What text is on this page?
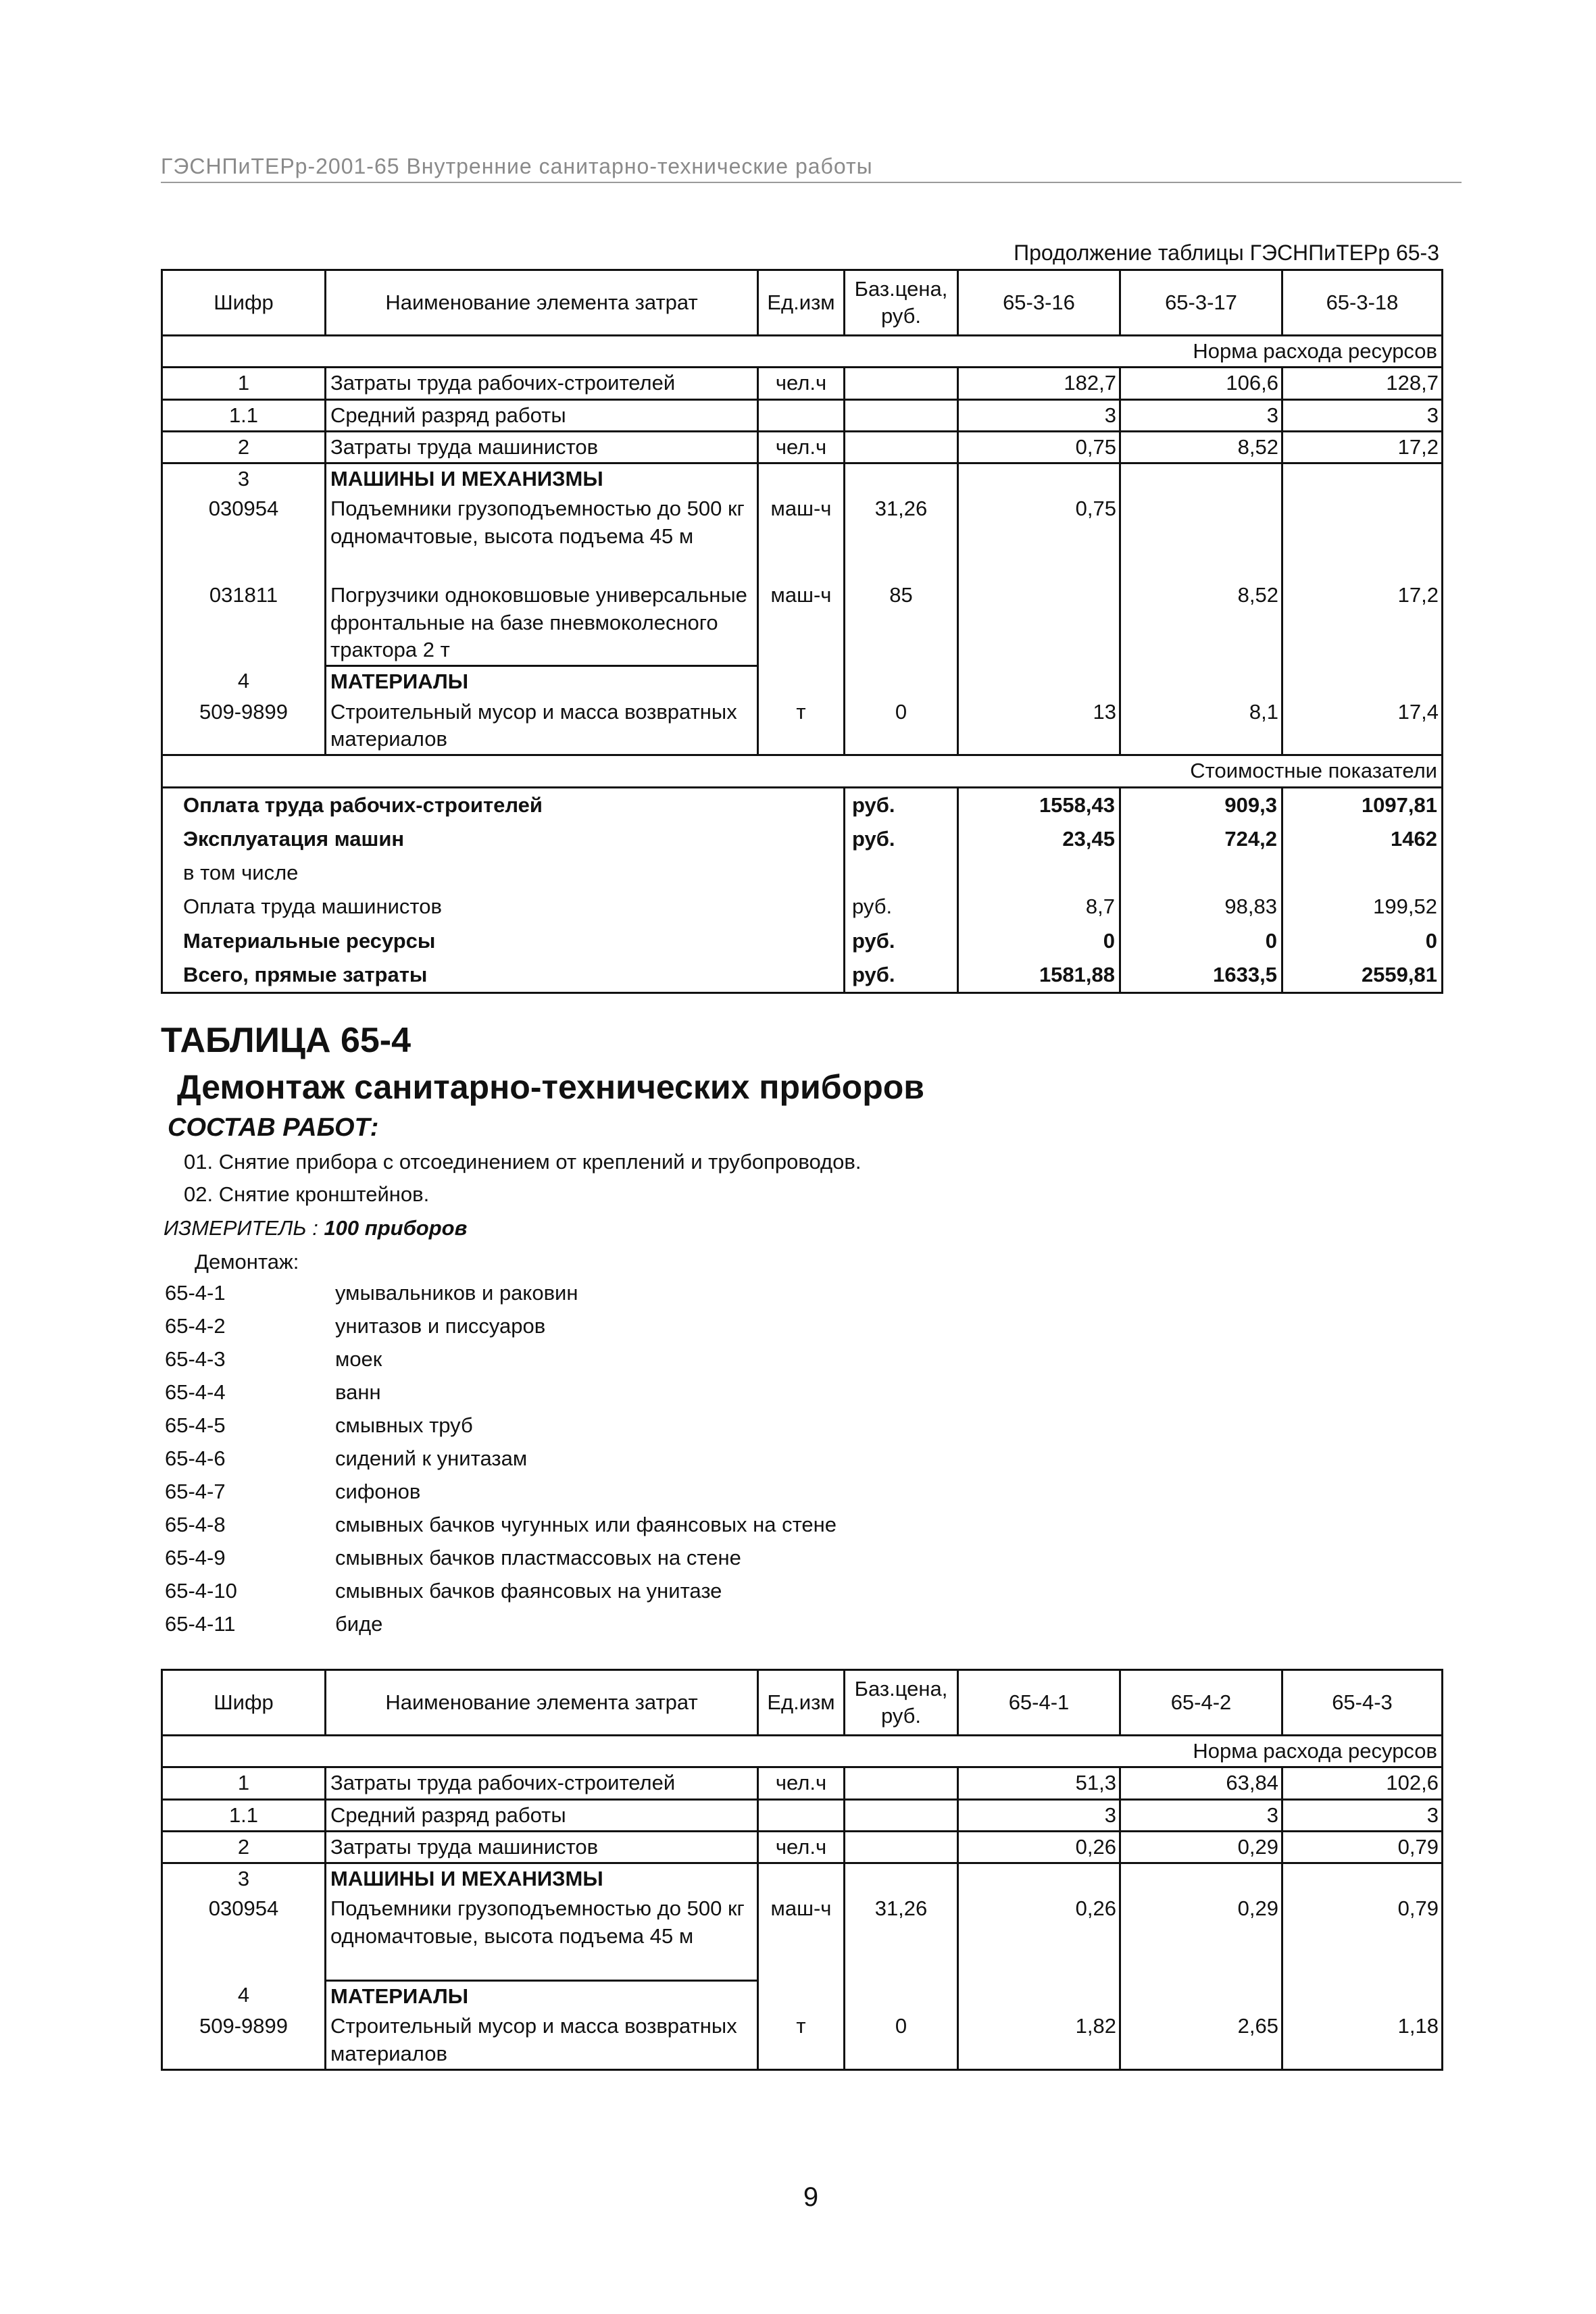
ГЭСНПиТЕРр-2001-65 Внутренние санитарно-технические работы
Продолжение таблицы ГЭСНПиТЕРр 65-3
Шифр	Наименование элемента затрат	Ед.изм	Баз.цена, руб.	65-3-16	65-3-17	65-3-18
Норма расхода ресурсов						
1	Затраты труда рабочих-строителей	чел.ч		182,7	106,6	128,7
1.1	Средний разряд работы			3	3	3
2	Затраты труда машинистов	чел.ч		0,75	8,52	17,2
3	МАШИНЫ И МЕХАНИЗМЫ					
030954	Подъемники грузоподъемностью до 500 кг одномачтовые, высота подъема 45 м	маш-ч	31,26	0,75		
031811	Погрузчики одноковшовые универсальные фронтальные на базе пневмоколесного трактора 2 т	маш-ч	85		8,52	17,2
4	МАТЕРИАЛЫ					
509-9899	Строительный мусор и масса возвратных материалов	т	0	13	8,1	17,4
Стоимостные показатели						
Оплата труда рабочих-строителей			руб.	1558,43	909,3	1097,81
Эксплуатация машин			руб.	23,45	724,2	1462
в том числе						
Оплата труда машинистов			руб.	8,7	98,83	199,52
Материальные ресурсы			руб.	0	0	0
Всего, прямые затраты			руб.	1581,88	1633,5	2559,81
ТАБЛИЦА 65-4
Демонтаж санитарно-технических приборов
СОСТАВ РАБОТ:
01. Снятие прибора с отсоединением от креплений и трубопроводов.
02. Снятие кронштейнов.
ИЗМЕРИТЕЛЬ : 100 приборов
Демонтаж:
65-4-1	умывальников и раковин
65-4-2	унитазов и писсуаров
65-4-3	моек
65-4-4	ванн
65-4-5	смывных труб
65-4-6	сидений к унитазам
65-4-7	сифонов
65-4-8	смывных бачков чугунных или фаянсовых на стене
65-4-9	смывных бачков пластмассовых на стене
65-4-10	смывных бачков фаянсовых на унитазе
65-4-11	биде
Шифр	Наименование элемента затрат	Ед.изм	Баз.цена, руб.	65-4-1	65-4-2	65-4-3
Норма расхода ресурсов						
1	Затраты труда рабочих-строителей	чел.ч		51,3	63,84	102,6
1.1	Средний разряд работы			3	3	3
2	Затраты труда машинистов	чел.ч		0,26	0,29	0,79
3	МАШИНЫ И МЕХАНИЗМЫ					
030954	Подъемники грузоподъемностью до 500 кг одномачтовые, высота подъема 45 м	маш-ч	31,26	0,26	0,29	0,79
4	МАТЕРИАЛЫ					
509-9899	Строительный мусор и масса возвратных материалов	т	0	1,82	2,65	1,18
9
